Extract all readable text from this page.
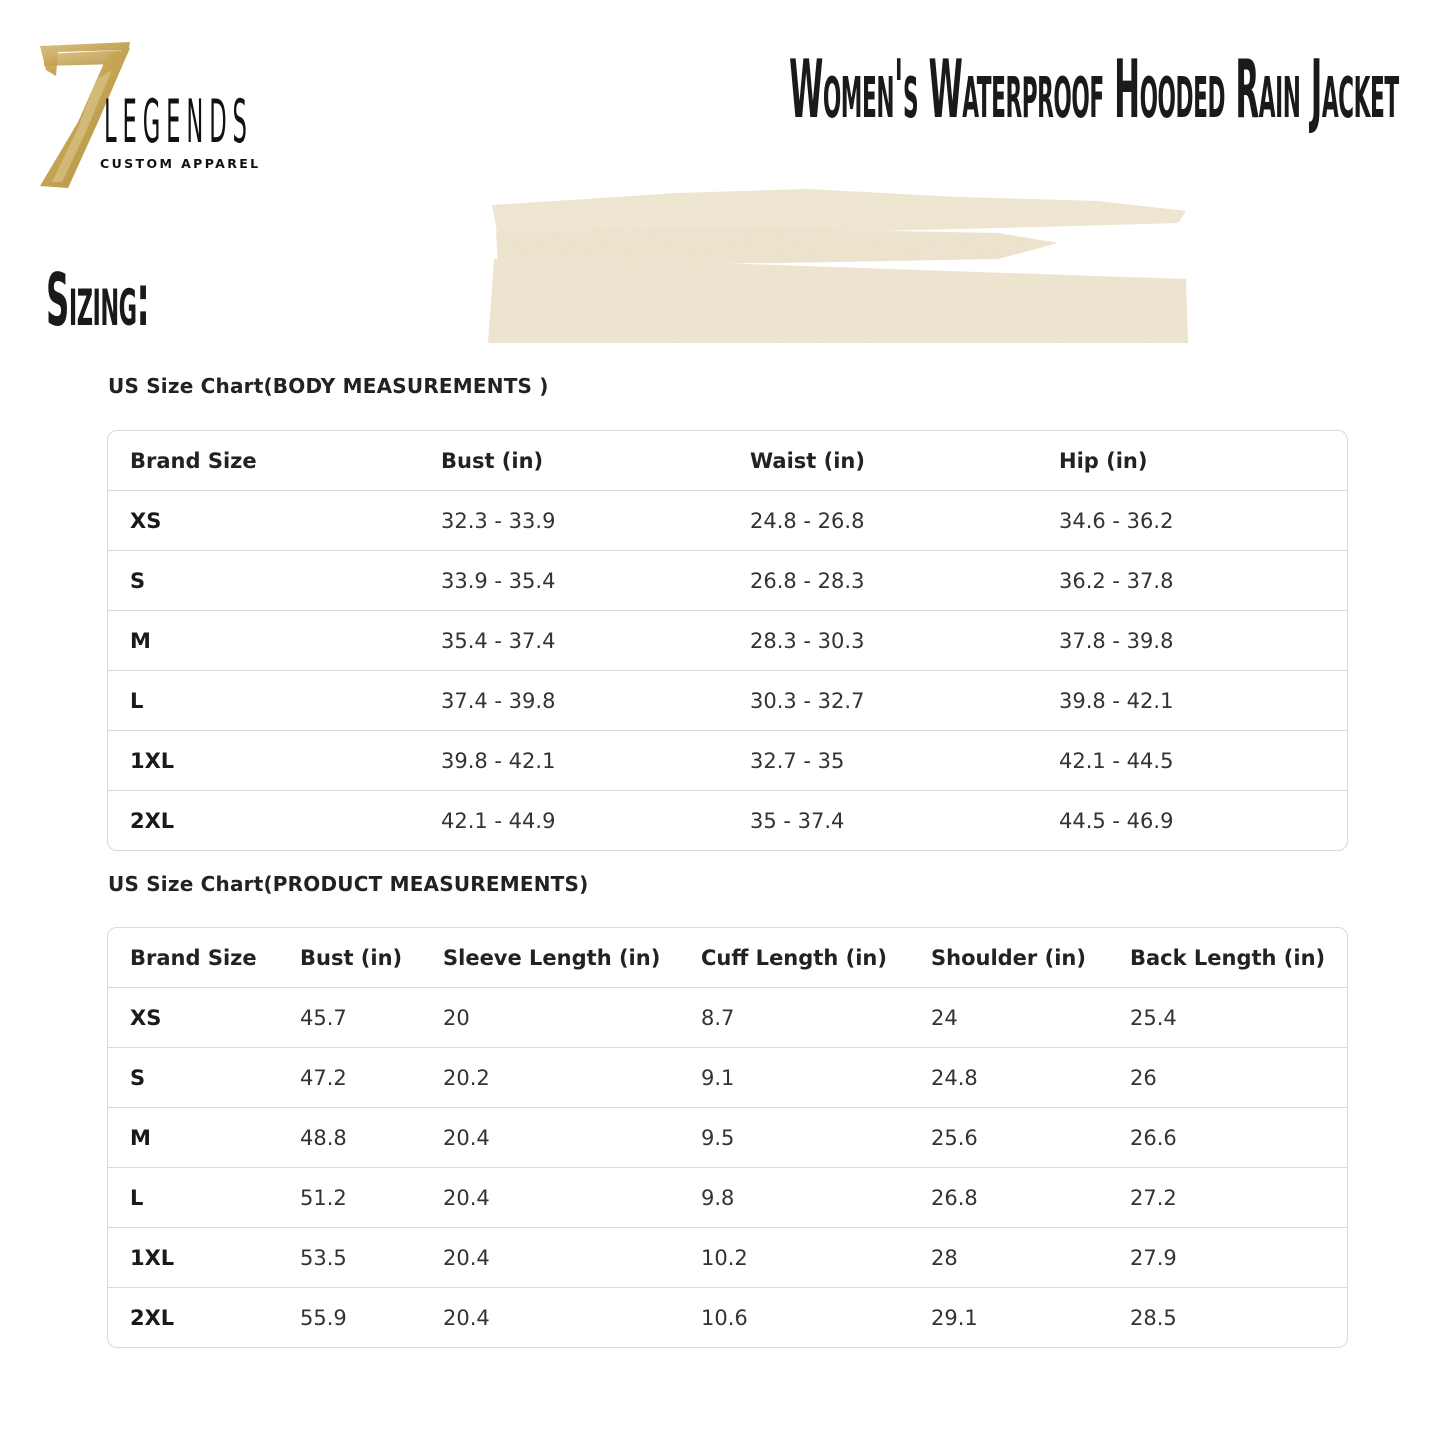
LEGENDS
CUSTOM APPAREL
Women's Waterproof Hooded Rain Jacket
Sizing:
US Size Chart(BODY MEASUREMENTS )
Brand Size	Bust (in)	Waist (in)	Hip (in)
XS	32.3 - 33.9	24.8 - 26.8	34.6 - 36.2
S	33.9 - 35.4	26.8 - 28.3	36.2 - 37.8
M	35.4 - 37.4	28.3 - 30.3	37.8 - 39.8
L	37.4 - 39.8	30.3 - 32.7	39.8 - 42.1
1XL	39.8 - 42.1	32.7 - 35	42.1 - 44.5
2XL	42.1 - 44.9	35 - 37.4	44.5 - 46.9
US Size Chart(PRODUCT MEASUREMENTS)
Brand Size	Bust (in)	Sleeve Length (in)	Cuff Length (in)	Shoulder (in)	Back Length (in)
XS	45.7	20	8.7	24	25.4
S	47.2	20.2	9.1	24.8	26
M	48.8	20.4	9.5	25.6	26.6
L	51.2	20.4	9.8	26.8	27.2
1XL	53.5	20.4	10.2	28	27.9
2XL	55.9	20.4	10.6	29.1	28.5
